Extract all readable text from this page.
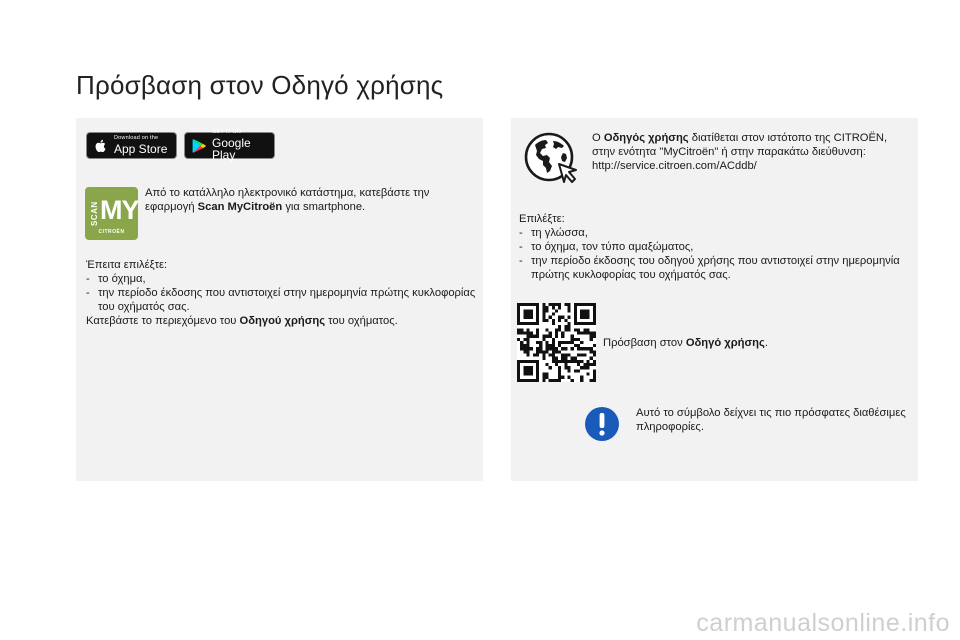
Πρόσβαση στον Οδηγό χρήσης
Download on the
App Store
GET IT ON
Google Play
SCAN MY
CITROËN
Από το κατάλληλο ηλεκτρονικό κατάστημα, κατεβάστε την
εφαρμογή Scan MyCitroën για smartphone.
Έπειτα επιλέξτε:
- το όχημα,
- την περίοδο έκδοσης που αντιστοιχεί στην ημερομηνία πρώτης κυκλοφορίας του οχήματός σας.
Κατεβάστε το περιεχόμενο του Οδηγού χρήσης του οχήματος.
Ο Οδηγός χρήσης διατίθεται στον ιστότοπο της CITROËN, στην ενότητα "MyCitroën" ή στην παρακάτω διεύθυνση:
http://service.citroen.com/ACddb/
Επιλέξτε:
- τη γλώσσα,
- το όχημα, τον τύπο αμαξώματος,
- την περίοδο έκδοσης του οδηγού χρήσης που αντιστοιχεί στην ημερομηνία πρώτης κυκλοφορίας του οχήματός σας.
Πρόσβαση στον Οδηγό χρήσης.
Αυτό το σύμβολο δείχνει τις πιο πρόσφατες διαθέσιμες πληροφορίες.
carmanualsonline.info
